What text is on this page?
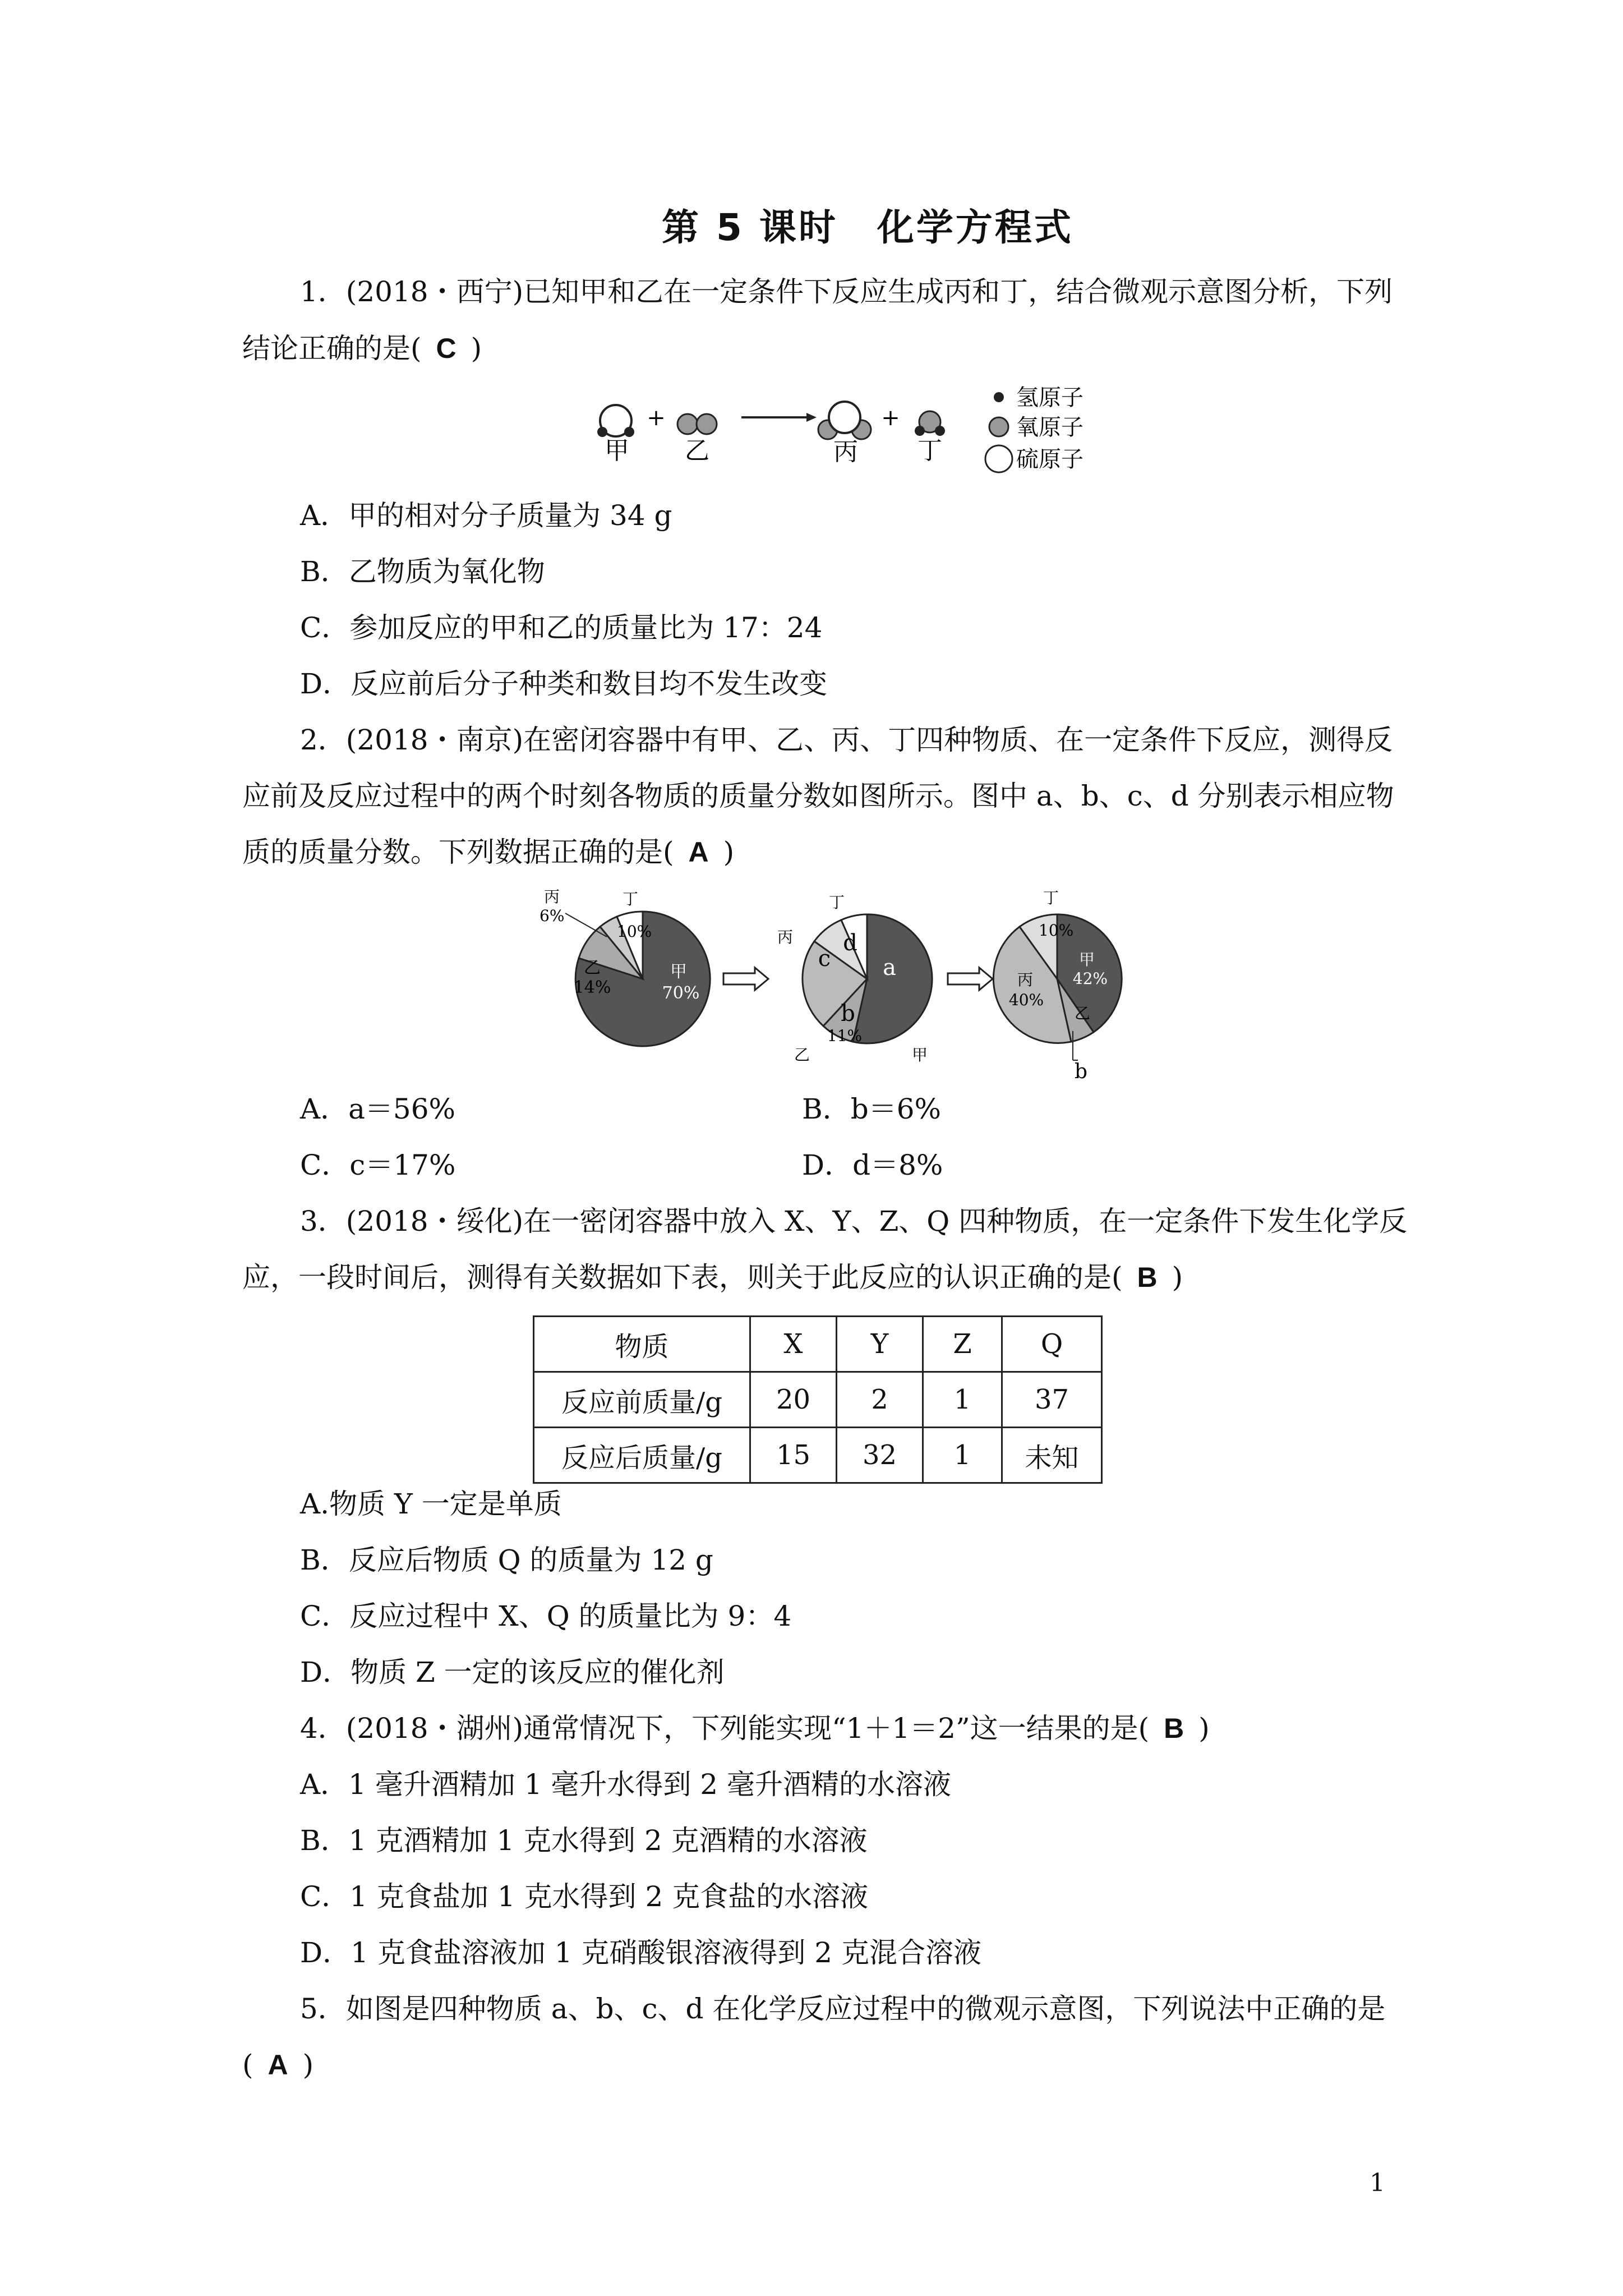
第 5 课时　化学方程式
1．(2018・西宁)已知甲和乙在一定条件下反应生成丙和丁，结合微观示意图分析，下列
结论正确的是( C )
甲
+
乙	丙
+
丁
氢原子
氧原子
硫原子
A．甲的相对分子质量为 34 g
B．乙物质为氧化物
C．参加反应的甲和乙的质量比为 17：24
D．反应前后分子种类和数目均不发生改变
2．(2018・南京)在密闭容器中有甲、乙、丙、丁四种物质、在一定条件下反应，测得反
应前及反应过程中的两个时刻各物质的质量分数如图所示。图中 a、b、c、d 分别表示相应物
质的质量分数。下列数据正确的是( A )
甲
70%
乙
14%
丙
6%
丁
10%
a
c
d
b
11%
丙
丁
乙	甲
甲
42%
丙
40%
丁
10%
乙
b
A．a＝56%	B．b＝6%
C．c＝17%	D．d＝8%
3．(2018・绥化)在一密闭容器中放入 X、Y、Z、Q 四种物质，在一定条件下发生化学反
应，一段时间后，测得有关数据如下表，则关于此反应的认识正确的是( B )
物质	X	Y	Z	Q
反应前质量/g	20	2	1	37
反应后质量/g	15	32	1	未知
A.物质 Y 一定是单质
B．反应后物质 Q 的质量为 12 g
C．反应过程中 X、Q 的质量比为 9：4
D．物质 Z 一定的该反应的催化剂
4．(2018・湖州)通常情况下，下列能实现“1＋1＝2”这一结果的是( B )
A．1 毫升酒精加 1 毫升水得到 2 毫升酒精的水溶液
B．1 克酒精加 1 克水得到 2 克酒精的水溶液
C．1 克食盐加 1 克水得到 2 克食盐的水溶液
D．1 克食盐溶液加 1 克硝酸银溶液得到 2 克混合溶液
5．如图是四种物质 a、b、c、d 在化学反应过程中的微观示意图，下列说法中正确的是
( A )
1
